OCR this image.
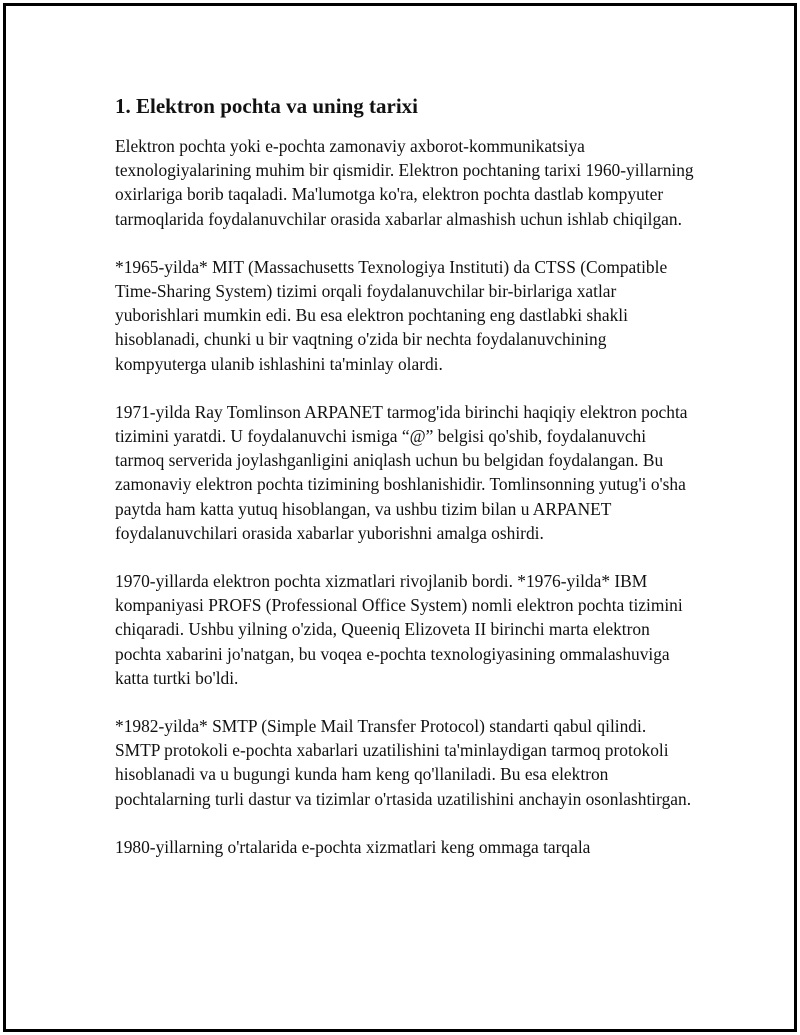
1. Elektron pochta va uning tarixi

Elektron pochta yoki e-pochta zamonaviy axborot-kommunikatsiya texnologiyalarining muhim bir qismidir. Elektron pochtaning tarixi 1960-yillarning oxirlariga borib taqaladi. Ma'lumotga ko'ra, elektron pochta dastlab kompyuter tarmoqlarida foydalanuvchilar orasida xabarlar almashish uchun ishlab chiqilgan.

*1965-yilda* MIT (Massachusetts Texnologiya Instituti) da CTSS (Compatible Time-Sharing System) tizimi orqali foydalanuvchilar bir-birlariga xatlar yuborishlari mumkin edi. Bu esa elektron pochtaning eng dastlabki shakli hisoblanadi, chunki u bir vaqtning o'zida bir nechta foydalanuvchining kompyuterga ulanib ishlashini ta'minlay olardi.

1971-yilda Ray Tomlinson ARPANET tarmog'ida birinchi haqiqiy elektron pochta tizimini yaratdi. U foydalanuvchi ismiga “@” belgisi qo'shib, foydalanuvchi tarmoq serverida joylashganligini aniqlash uchun bu belgidan foydalangan. Bu zamonaviy elektron pochta tizimining boshlanishidir. Tomlinsonning yutug'i o'sha paytda ham katta yutuq hisoblangan, va ushbu tizim bilan u ARPANET foydalanuvchilari orasida xabarlar yuborishni amalga oshirdi.

1970-yillarda elektron pochta xizmatlari rivojlanib bordi. *1976-yilda* IBM kompaniyasi PROFS (Professional Office System) nomli elektron pochta tizimini chiqaradi. Ushbu yilning o'zida, Queeniq Elizoveta II birinchi marta elektron pochta xabarini jo'natgan, bu voqea e-pochta texnologiyasining ommalashuviga katta turtki bo'ldi.

*1982-yilda* SMTP (Simple Mail Transfer Protocol) standarti qabul qilindi. SMTP protokoli e-pochta xabarlari uzatilishini ta'minlaydigan tarmoq protokoli hisoblanadi va u bugungi kunda ham keng qo'llaniladi. Bu esa elektron pochtalarning turli dastur va tizimlar o'rtasida uzatilishini anchayin osonlashtirgan.

1980-yillarning o'rtalarida e-pochta xizmatlari keng ommaga tarqala
